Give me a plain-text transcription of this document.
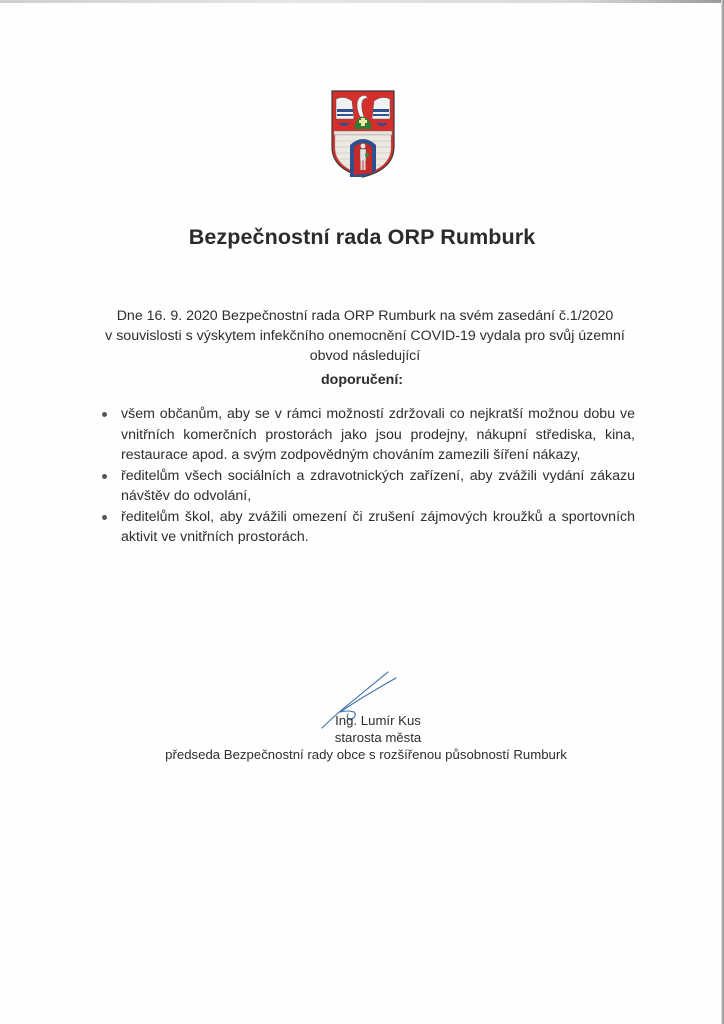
Bezpečnostní rada ORP Rumburk
Dne 16. 9. 2020 Bezpečnostní rada ORP Rumburk na svém zasedání č.1/2020
v souvislosti s výskytem infekčního onemocnění COVID-19 vydala pro svůj územní
obvod následující
doporučení:
všem občanům, aby se v rámci možností zdržovali co nejkratší možnou dobu ve
vnitřních komerčních prostorách jako jsou prodejny, nákupní střediska, kina,
restaurace apod. a svým zodpovědným chováním zamezili šíření nákazy,
ředitelům všech sociálních a zdravotnických zařízení, aby zvážili vydání zákazu
návštěv do odvolání,
ředitelům škol, aby zvážili omezení či zrušení zájmových kroužků a sportovních
aktivit ve vnitřních prostorách.
Ing. Lumír Kus
starosta města
předseda Bezpečnostní rady obce s rozšířenou působností Rumburk
